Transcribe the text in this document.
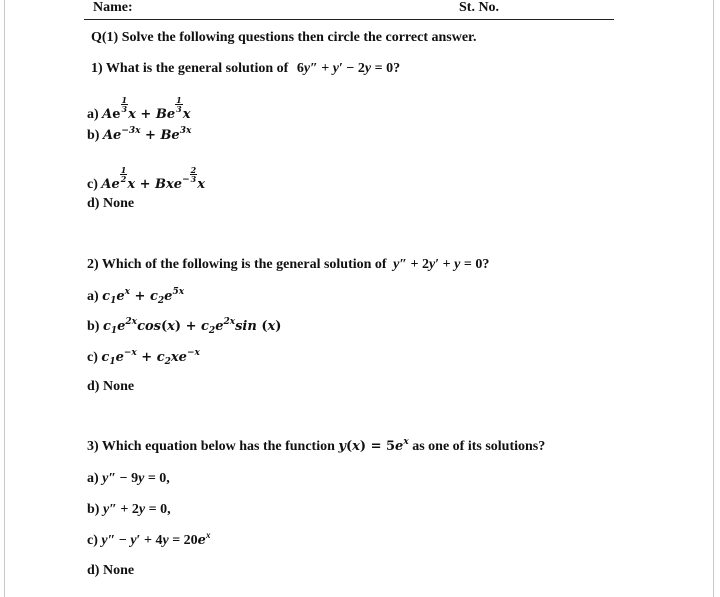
Name:	St. No.
Q(1) Solve the following questions then circle the correct answer.
1) What is the general solution of 6y″ + y′ − 2y = 0?
a) Ae
$\frac{1}{3}$
x + Be
$\frac{1}{3}$
x
b) $Ae^{-3x} + Be^{3x}$
c) Ae
$\frac{1}{2}$
$x + Bxe^- \frac{2}{3}$
x
d) None
2) Which of the following is the general solution of y″ + 2y′ + y = 0?
a) $c_1e^x + c_2e^{5x}$
b) $c_1e^{2x}\cos(x) + c_2e^{2x}\sin$ (x)
c) $c_1e^{-x} + c_2xe^{-x}$
d) None
3) Which equation below has the function $y(x) = 5e^x$ as one of its solutions?
a) y″ − 9y = 0,
b) y″ + 2y = 0,
c) $y'' - y' + 4y = 20e^x$
d) None
